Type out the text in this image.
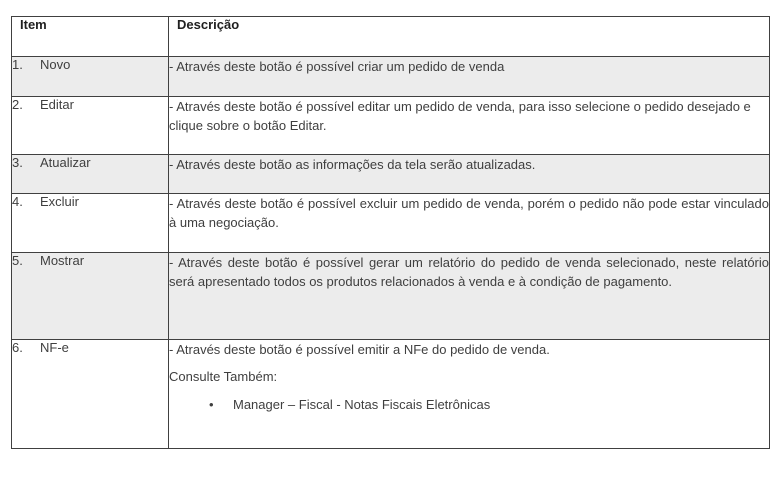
Item	Descrição
1. Novo	- Através deste botão é possível criar um pedido de venda
2. Editar	- Através deste botão é possível editar um pedido de venda, para isso selecione o pedido desejado e clique sobre o botão Editar.
3. Atualizar	- Através deste botão as informações da tela serão atualizadas.
4. Excluir	- Através deste botão é possível excluir um pedido de venda, porém o pedido não pode estar vinculado à uma negociação.
5. Mostrar	- Através deste botão é possível gerar um relatório do pedido de venda selecionado, neste relatório será apresentado todos os produtos relacionados à venda e à condição de pagamento.
6. NF-e	- Através deste botão é possível emitir a NFe do pedido de venda.
Consulte Também:
• Manager – Fiscal - Notas Fiscais Eletrônicas
